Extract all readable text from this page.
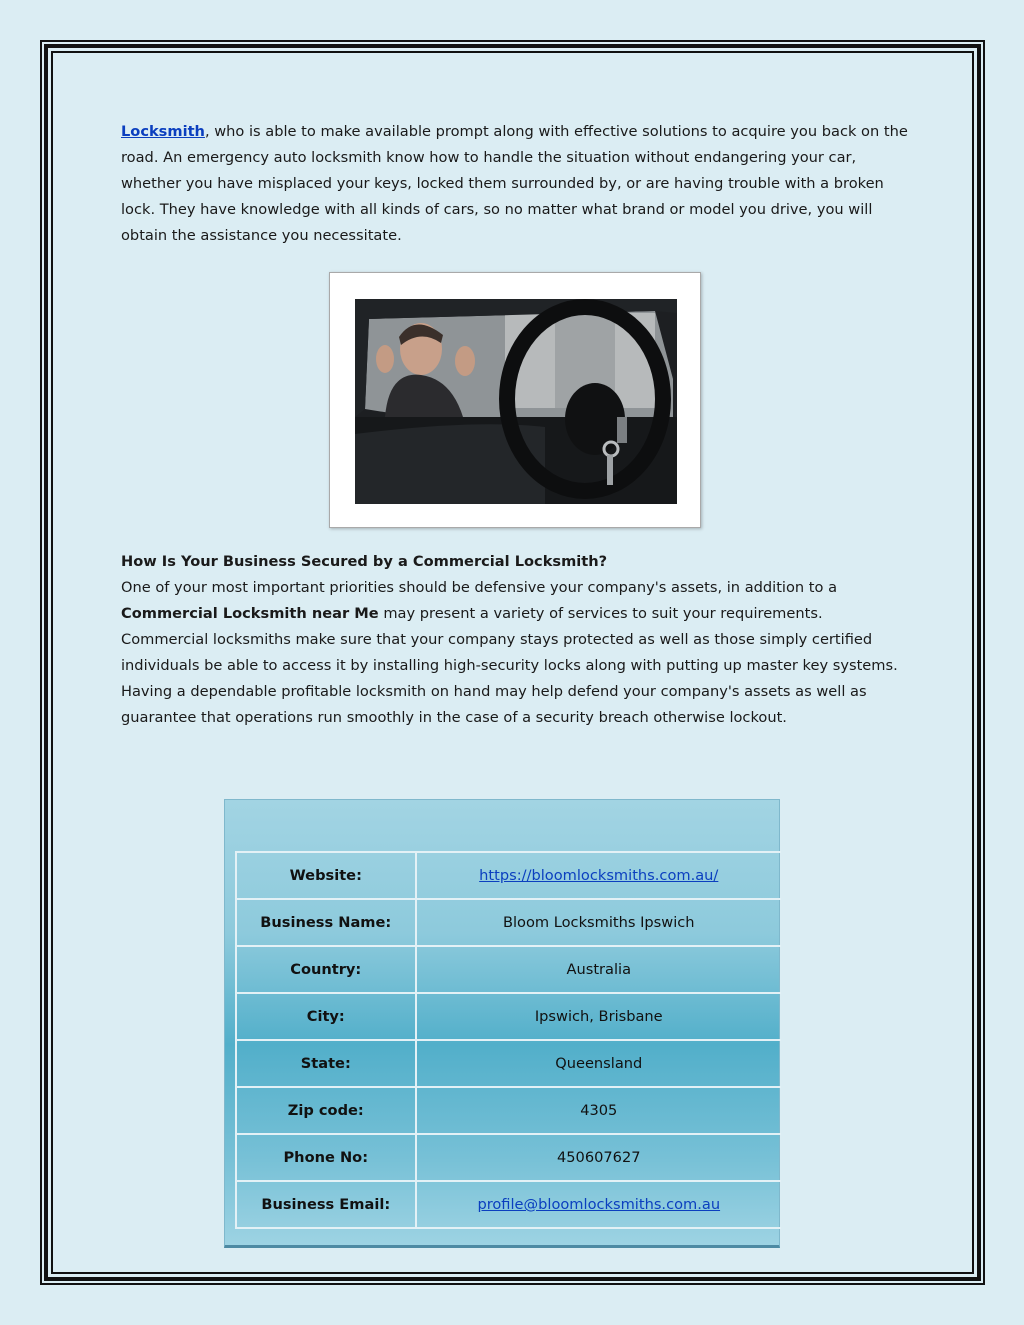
Locksmith, who is able to make available prompt along with effective solutions to acquire you back on the road. An emergency auto locksmith know how to handle the situation without endangering your car, whether you have misplaced your keys, locked them surrounded by, or are having trouble with a broken lock. They have knowledge with all kinds of cars, so no matter what brand or model you drive, you will obtain the assistance you necessitate.

How Is Your Business Secured by a Commercial Locksmith?
One of your most important priorities should be defensive your company's assets, in addition to a Commercial Locksmith near Me may present a variety of services to suit your requirements. Commercial locksmiths make sure that your company stays protected as well as those simply certified individuals be able to access it by installing high-security locks along with putting up master key systems. Having a dependable profitable locksmith on hand may help defend your company's assets as well as guarantee that operations run smoothly in the case of a security breach otherwise lockout.
Website:	https://bloomlocksmiths.com.au/
Business Name:	Bloom Locksmiths Ipswich
Country:	Australia
City:	Ipswich, Brisbane
State:	Queensland
Zip code:	4305
Phone No:	450607627
Business Email:	profile@bloomlocksmiths.com.au
